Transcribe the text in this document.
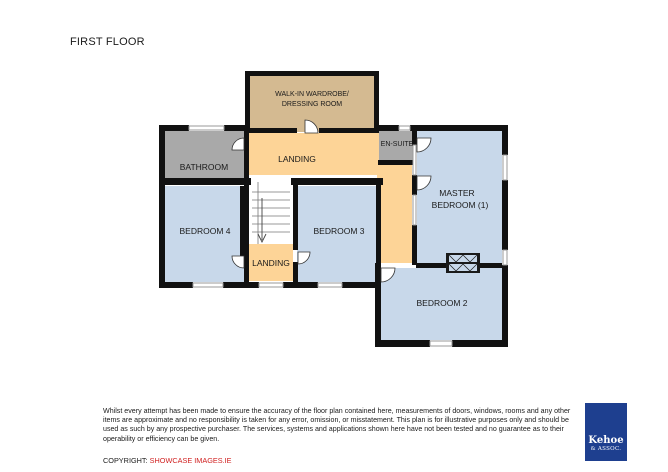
FIRST FLOOR
WALK-IN WARDROBE/
DRESSING ROOM
BATHROOM
LANDING
EN-SUITE
MASTER
BEDROOM (1)
BEDROOM 4	BEDROOM 3
LANDING
BEDROOM 2
Whilst every attempt has been made to ensure the accuracy of the floor plan contained here, measurements of doors, windows, rooms and any other items are approximate and no responsibility is taken for any error, omission, or misstatement. This plan is for illustrative purposes only and should be used as such by any prospective purchaser. The services, systems and applications shown here have not been tested and no guarantee as to their operability or efficiency can be given.
COPYRIGHT: SHOWCASE IMAGES.IE
Kehoe
& ASSOC.
